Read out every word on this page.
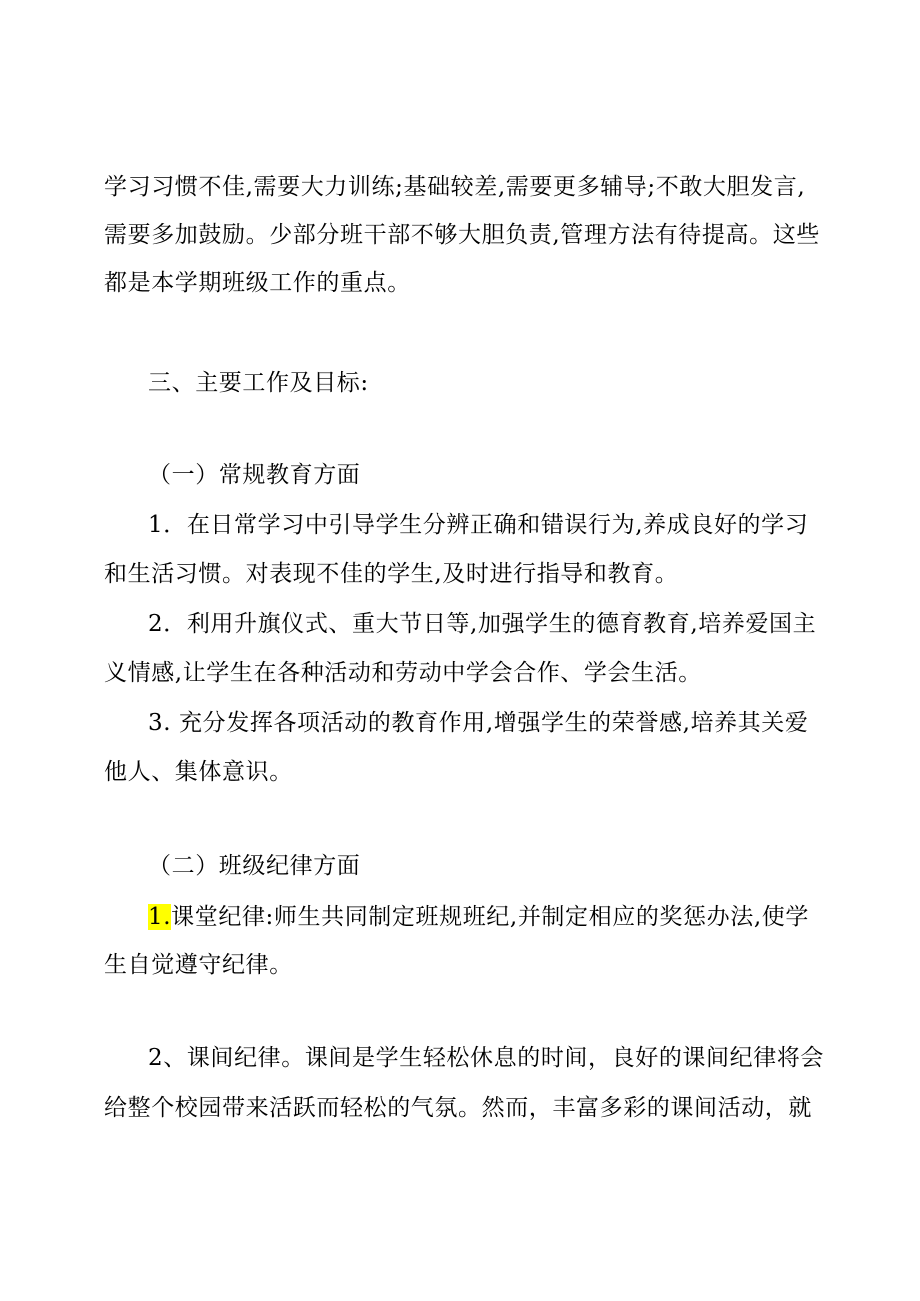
学习习惯不佳,需要大力训练;基础较差,需要更多辅导;不敢大胆发言,
需要多加鼓励。少部分班干部不够大胆负责,管理方法有待提高。这些
都是本学期班级工作的重点。
三、主要工作及目标:
（一）常规教育方面
1．在日常学习中引导学生分辨正确和错误行为,养成良好的学习
和生活习惯。对表现不佳的学生,及时进行指导和教育。
2．利用升旗仪式、重大节日等,加强学生的德育教育,培养爱国主
义情感,让学生在各种活动和劳动中学会合作、学会生活。
3. 充分发挥各项活动的教育作用,增强学生的荣誉感,培养其关爱
他人、集体意识。
（二）班级纪律方面
1.课堂纪律:师生共同制定班规班纪,并制定相应的奖惩办法,使学
生自觉遵守纪律。
2、课间纪律。课间是学生轻松休息的时间，良好的课间纪律将会
给整个校园带来活跃而轻松的气氛。然而，丰富多彩的课间活动，就
